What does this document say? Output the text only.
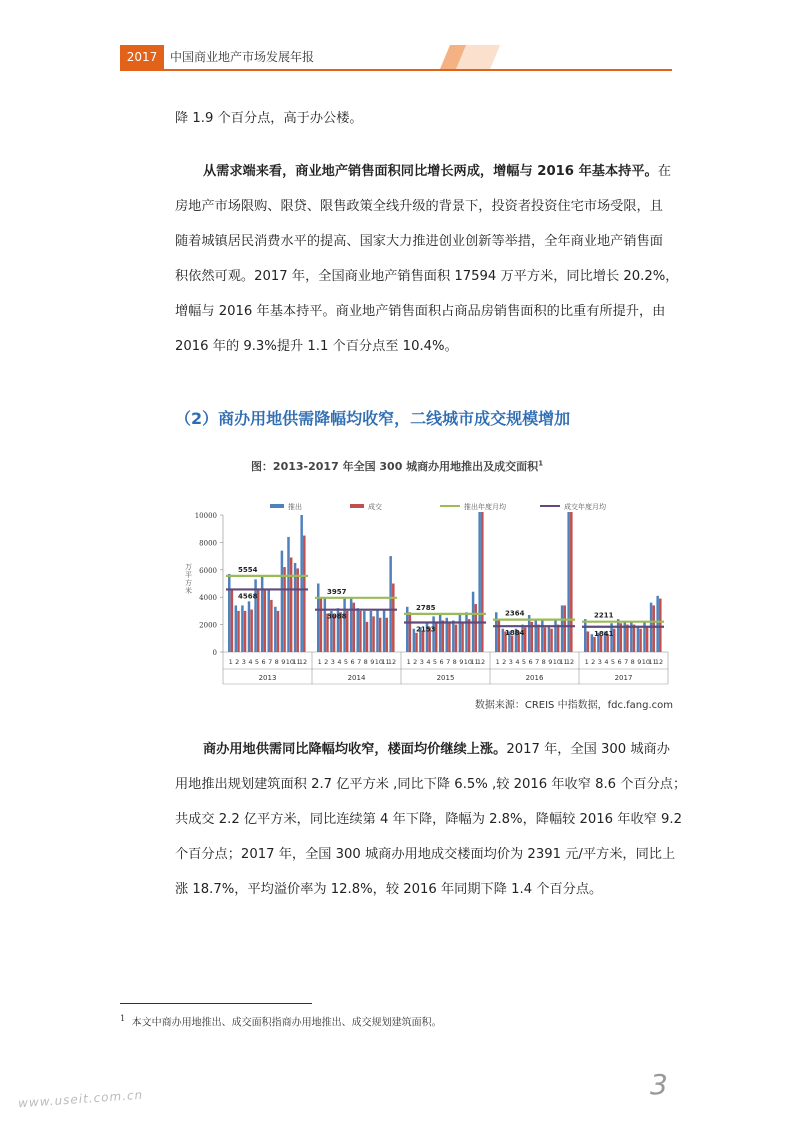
2017	中国商业地产市场发展年报
降 1.9 个百分点，高于办公楼。
从需求端来看，商业地产销售面积同比增长两成，增幅与 2016 年基本持平。在
房地产市场限购、限贷、限售政策全线升级的背景下，投资者投资住宅市场受限，且
随着城镇居民消费水平的提高、国家大力推进创业创新等举措，全年商业地产销售面
积依然可观。2017 年，全国商业地产销售面积 17594 万平方米，同比增长 20.2%，
增幅与 2016 年基本持平。商业地产销售面积占商品房销售面积的比重有所提升，由
2016 年的 9.3%提升 1.1 个百分点至 10.4%。
（2）商办用地供需降幅均收窄，二线城市成交规模增加
图：2013-2017 年全国 300 城商办用地推出及成交面积$^1$
推出	成交	推出年度月均	成交年度月均
0
2000
4000
6000
8000
10000
万平方米
1 2 3 4 5 6 7 8 9 10
11
12
5554
4568
2013
1 2 3 4 5 6 7 8 9 10
11
12
3957
3088
2014
1 2 3 4 5 6 7 8 9 10
11
12
2785
2153
2015
1 2 3 4 5 6 7 8 9 10
11
12
2364
1884
2016
1 2 3 4 5 6 7 8 9 10
11
12
2211
1841
2017
数据来源：CREIS 中指数据，fdc.fang.com
商办用地供需同比降幅均收窄，楼面均价继续上涨。2017 年，全国 300 城商办
用地推出规划建筑面积 2.7 亿平方米 ,同比下降 6.5% ,较 2016 年收窄 8.6 个百分点；
共成交 2.2 亿平方米，同比连续第 4 年下降，降幅为 2.8%，降幅较 2016 年收窄 9.2
个百分点；2017 年，全国 300 城商办用地成交楼面均价为 2391 元/平方米，同比上
涨 18.7%，平均溢价率为 12.8%，较 2016 年同期下降 1.4 个百分点。
$^1$ 本文中商办用地推出、成交面积指商办用地推出、成交规划建筑面积。
3
www.useit.com.cn
